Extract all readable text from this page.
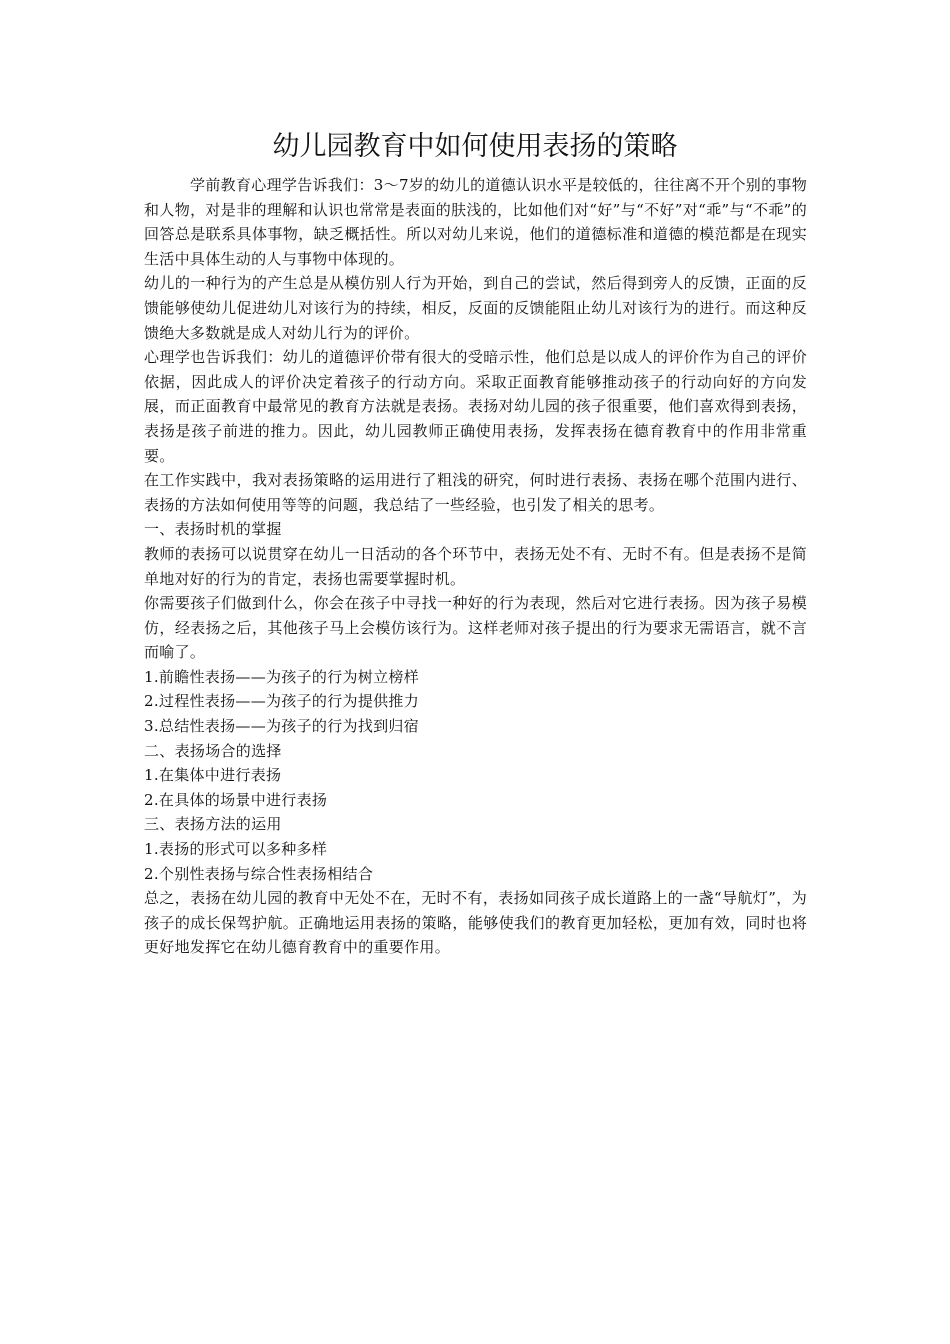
幼儿园教育中如何使用表扬的策略

学前教育心理学告诉我们：3～7岁的幼儿的道德认识水平是较低的，往往离不开个别的事物和人物，对是非的理解和认识也常常是表面的肤浅的，比如他们对“好”与“不好”对“乖”与“不乖”的回答总是联系具体事物，缺乏概括性。所以对幼儿来说，他们的道德标准和道德的模范都是在现实生活中具体生动的人与事物中体现的。

幼儿的一种行为的产生总是从模仿别人行为开始，到自己的尝试，然后得到旁人的反馈，正面的反馈能够使幼儿促进幼儿对该行为的持续，相反，反面的反馈能阻止幼儿对该行为的进行。而这种反馈绝大多数就是成人对幼儿行为的评价。

心理学也告诉我们：幼儿的道德评价带有很大的受暗示性，他们总是以成人的评价作为自己的评价依据，因此成人的评价决定着孩子的行动方向。采取正面教育能够推动孩子的行动向好的方向发展，而正面教育中最常见的教育方法就是表扬。表扬对幼儿园的孩子很重要，他们喜欢得到表扬，表扬是孩子前进的推力。因此，幼儿园教师正确使用表扬，发挥表扬在德育教育中的作用非常重要。

在工作实践中，我对表扬策略的运用进行了粗浅的研究，何时进行表扬、表扬在哪个范围内进行、表扬的方法如何使用等等的问题，我总结了一些经验，也引发了相关的思考。

一、表扬时机的掌握

教师的表扬可以说贯穿在幼儿一日活动的各个环节中，表扬无处不有、无时不有。但是表扬不是简单地对好的行为的肯定，表扬也需要掌握时机。

你需要孩子们做到什么，你会在孩子中寻找一种好的行为表现，然后对它进行表扬。因为孩子易模仿，经表扬之后，其他孩子马上会模仿该行为。这样老师对孩子提出的行为要求无需语言，就不言而喻了。

1.前瞻性表扬——为孩子的行为树立榜样

2.过程性表扬——为孩子的行为提供推力

3.总结性表扬——为孩子的行为找到归宿

二、表扬场合的选择

1.在集体中进行表扬

2.在具体的场景中进行表扬

三、表扬方法的运用

1.表扬的形式可以多种多样

2.个别性表扬与综合性表扬相结合

总之，表扬在幼儿园的教育中无处不在，无时不有，表扬如同孩子成长道路上的一盏“导航灯”，为孩子的成长保驾护航。正确地运用表扬的策略，能够使我们的教育更加轻松，更加有效，同时也将更好地发挥它在幼儿德育教育中的重要作用。
